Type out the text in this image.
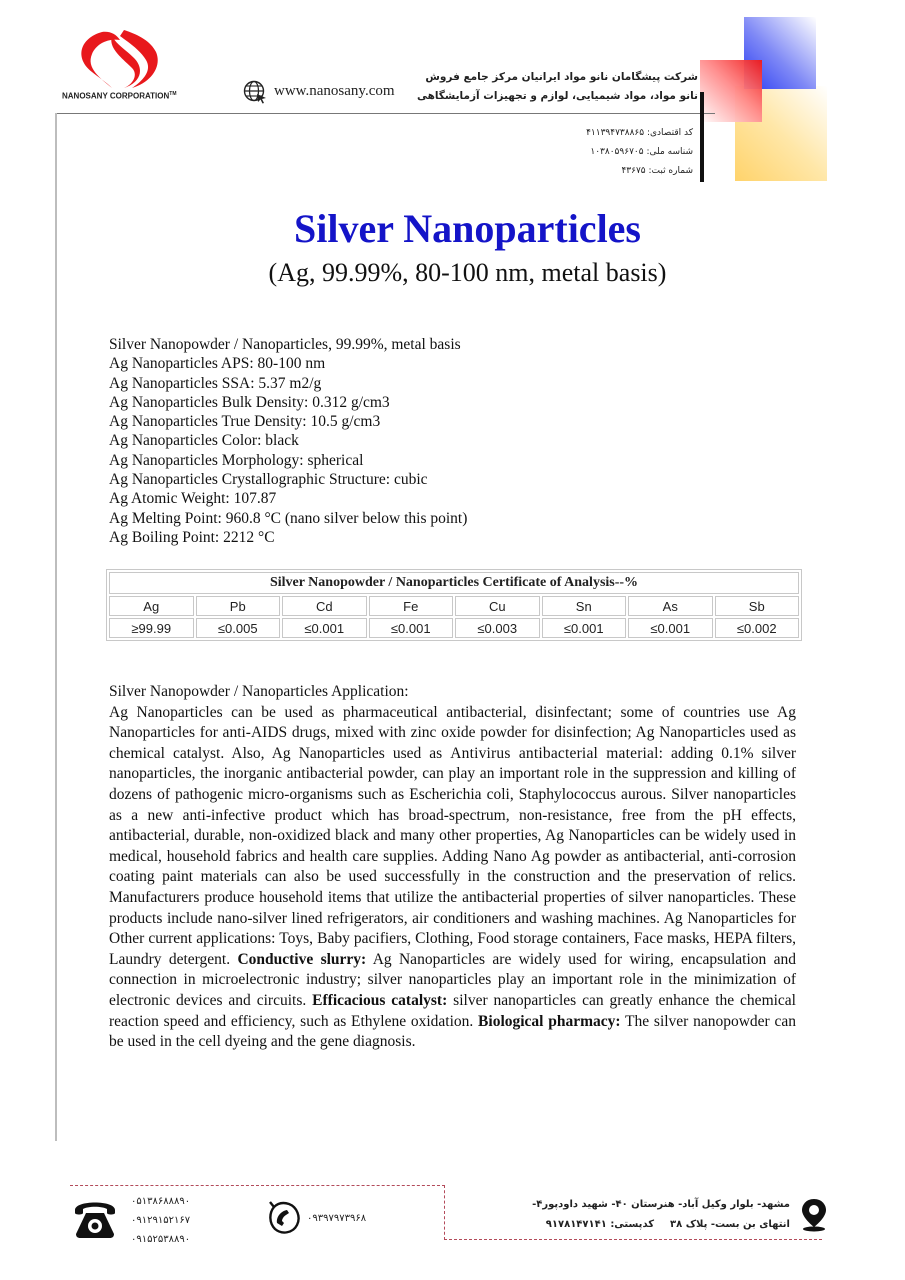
NANOSANY CORPORATION™	www.nanosany.com
شرکت پیشگامان نانو مواد ایرانیان مرکز جامع فروش
نانو مواد، مواد شیمیایی، لوازم و تجهیزات آزمایشگاهی
کد اقتصادی: ۴۱۱۳۹۴۷۳۸۸۶۵
شناسه ملی: ۱۰۳۸۰۵۹۶۷۰۵
شماره ثبت: ۴۳۶۷۵
Silver Nanoparticles
(Ag, 99.99%, 80-100 nm, metal basis)
Silver Nanopowder / Nanoparticles, 99.99%, metal basis
Ag Nanoparticles APS: 80-100 nm
Ag Nanoparticles SSA: 5.37 m2/g
Ag Nanoparticles Bulk Density: 0.312 g/cm3
Ag Nanoparticles True Density: 10.5 g/cm3
Ag Nanoparticles Color: black
Ag Nanoparticles Morphology: spherical
Ag Nanoparticles Crystallographic Structure: cubic
Ag Atomic Weight: 107.87
Ag Melting Point: 960.8 °C (nano silver below this point)
Ag Boiling Point: 2212 °C
Silver Nanopowder / Nanoparticles Certificate of Analysis--%							
Ag	Pb	Cd	Fe	Cu	Sn	As	Sb
≥99.99	≤0.005	≤0.001	≤0.001	≤0.003	≤0.001	≤0.001	≤0.002
Silver Nanopowder / Nanoparticles Application:
Ag Nanoparticles can be used as pharmaceutical antibacterial, disinfectant; some of countries use Ag Nanoparticles for anti-AIDS drugs, mixed with zinc oxide powder for disinfection; Ag Nanoparticles used as chemical catalyst. Also, Ag Nanoparticles used as Antivirus antibacterial material: adding 0.1% silver nanoparticles, the inorganic antibacterial powder, can play an important role in the suppression and killing of dozens of pathogenic micro-organisms such as Escherichia coli, Staphylococcus aurous. Silver nanoparticles as a new anti-infective product which has broad-spectrum, non-resistance, free from the pH effects, antibacterial, durable, non-oxidized black and many other properties, Ag Nanoparticles can be widely used in medical, household fabrics and health care supplies. Adding Nano Ag powder as antibacterial, anti-corrosion coating paint materials can also be used successfully in the construction and the preservation of relics. Manufacturers produce household items that utilize the antibacterial properties of silver nanoparticles. These products include nano-silver lined refrigerators, air conditioners and washing machines. Ag Nanoparticles for Other current applications: Toys, Baby pacifiers, Clothing, Food storage containers, Face masks, HEPA filters, Laundry detergent. Conductive slurry: Ag Nanoparticles are widely used for wiring, encapsulation and connection in microelectronic industry; silver nanoparticles play an important role in the minimization of electronic devices and circuits. Efficacious catalyst: silver nanoparticles can greatly enhance the chemical reaction speed and efficiency, such as Ethylene oxidation. Biological pharmacy: The silver nanopowder can be used in the cell dyeing and the gene diagnosis.
۰۵۱۳۸۶۸۸۸۹۰
۰۹۱۲۹۱۵۲۱۶۷
۰۹۱۵۲۵۳۸۸۹۰
۰۹۳۹۷۹۷۳۹۶۸
مشهد- بلوار وکیل آباد- هنرستان ۴۰- شهید داودپور۴-
انتهای بن بست- پلاک ۳۸کدپستی: ۹۱۷۸۱۴۷۱۴۱
